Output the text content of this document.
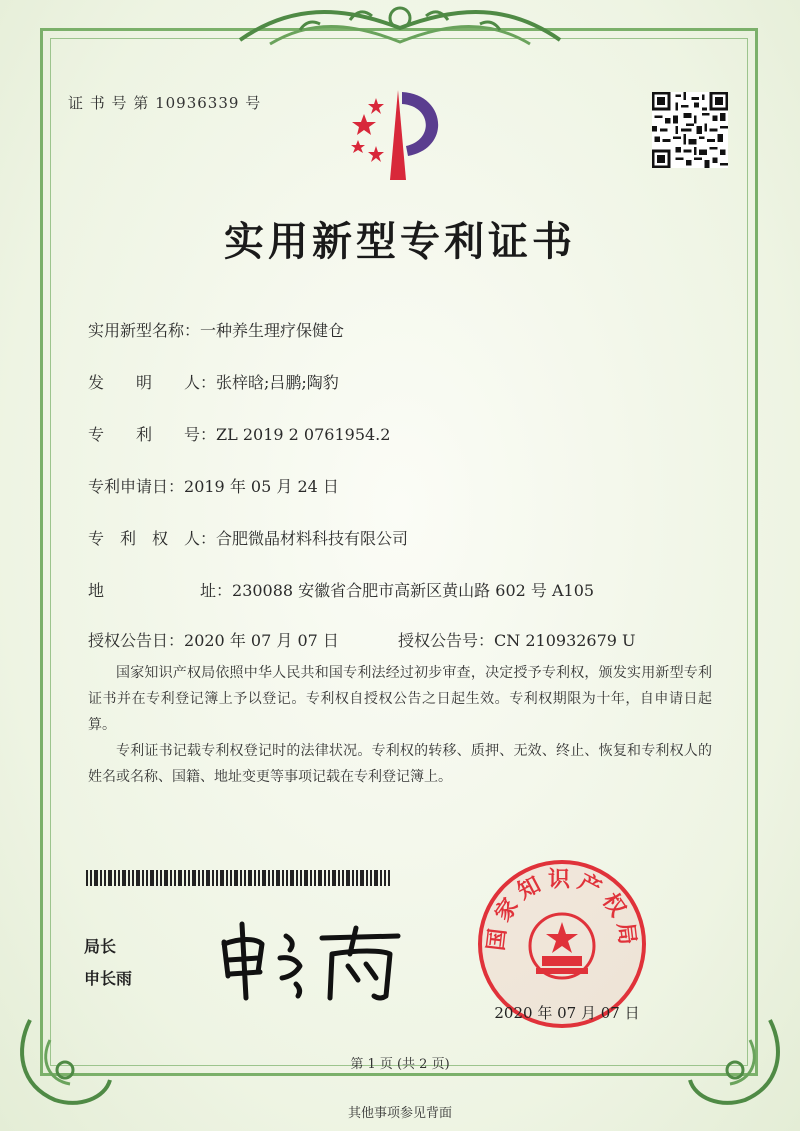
证 书 号 第 10936339 号
实用新型专利证书
实用新型名称：一种养生理疗保健仓
发　　明　　人：张梓晗;吕鹏;陶豹
专　　利　　号：ZL 2019 2 0761954.2
专利申请日：2019 年 05 月 24 日
专　利　权　人：合肥微晶材料科技有限公司
地　　　　　　址：230088 安徽省合肥市高新区黄山路 602 号 A105
授权公告日：2020 年 07 月 07 日	授权公告号：CN 210932679 U
国家知识产权局依照中华人民共和国专利法经过初步审查，决定授予专利权，颁发实用新型专利证书并在专利登记簿上予以登记。专利权自授权公告之日起生效。专利权期限为十年，自申请日起算。
专利证书记载专利权登记时的法律状况。专利权的转移、质押、无效、终止、恢复和专利权人的姓名或名称、国籍、地址变更等事项记载在专利登记簿上。
局长
申长雨
国家知识产权局
2020 年 07 月 07 日
第 1 页 (共 2 页)
其他事项参见背面
